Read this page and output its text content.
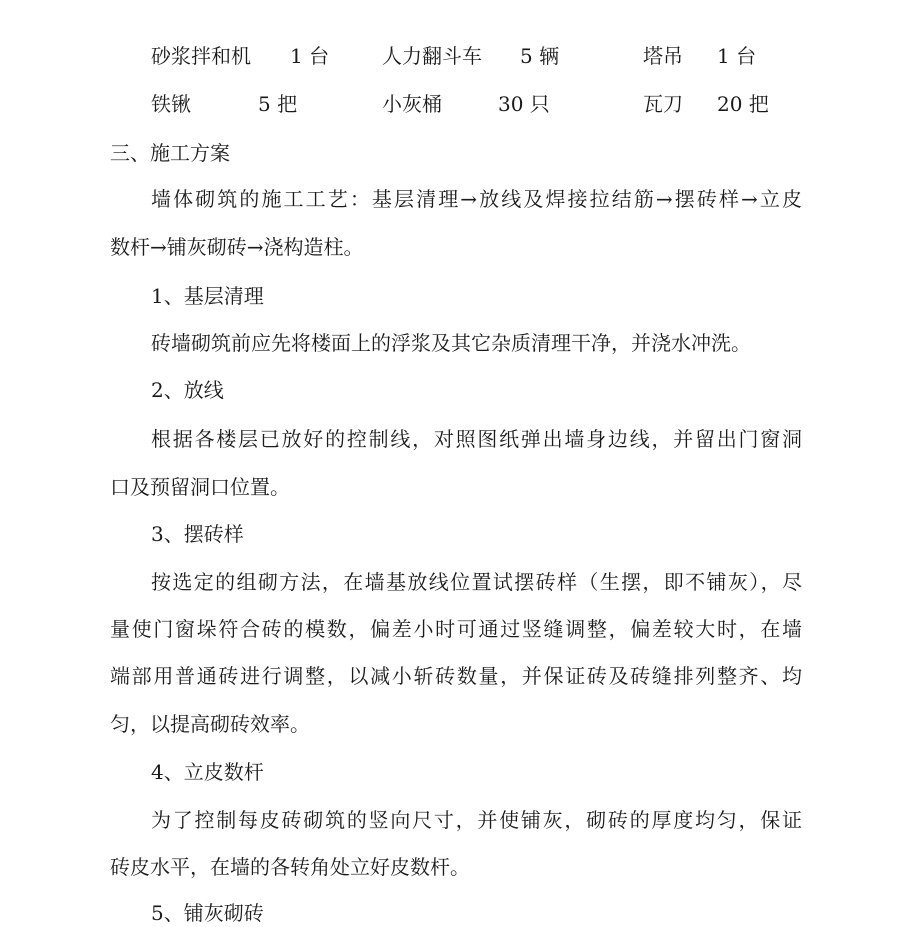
砂浆拌和机 1 台	人力翻斗车 5 辆	塔吊 1 台
铁锹	5 把	小灰桶	30 只	瓦刀 20 把
三、施工方案
墙体砌筑的施工工艺：基层清理→放线及焊接拉结筋→摆砖样→立皮
数杆→铺灰砌砖→浇构造柱。
1、基层清理
砖墙砌筑前应先将楼面上的浮浆及其它杂质清理干净，并浇水冲洗。
2、放线
根据各楼层已放好的控制线，对照图纸弹出墙身边线，并留出门窗洞
口及预留洞口位置。
3、摆砖样
按选定的组砌方法，在墙基放线位置试摆砖样（生摆，即不铺灰），尽
量使门窗垛符合砖的模数，偏差小时可通过竖缝调整，偏差较大时，在墙
端部用普通砖进行调整，以减小斩砖数量，并保证砖及砖缝排列整齐、均
匀，以提高砌砖效率。
4、立皮数杆
为了控制每皮砖砌筑的竖向尺寸，并使铺灰，砌砖的厚度均匀，保证
砖皮水平，在墙的各转角处立好皮数杆。
5、铺灰砌砖
